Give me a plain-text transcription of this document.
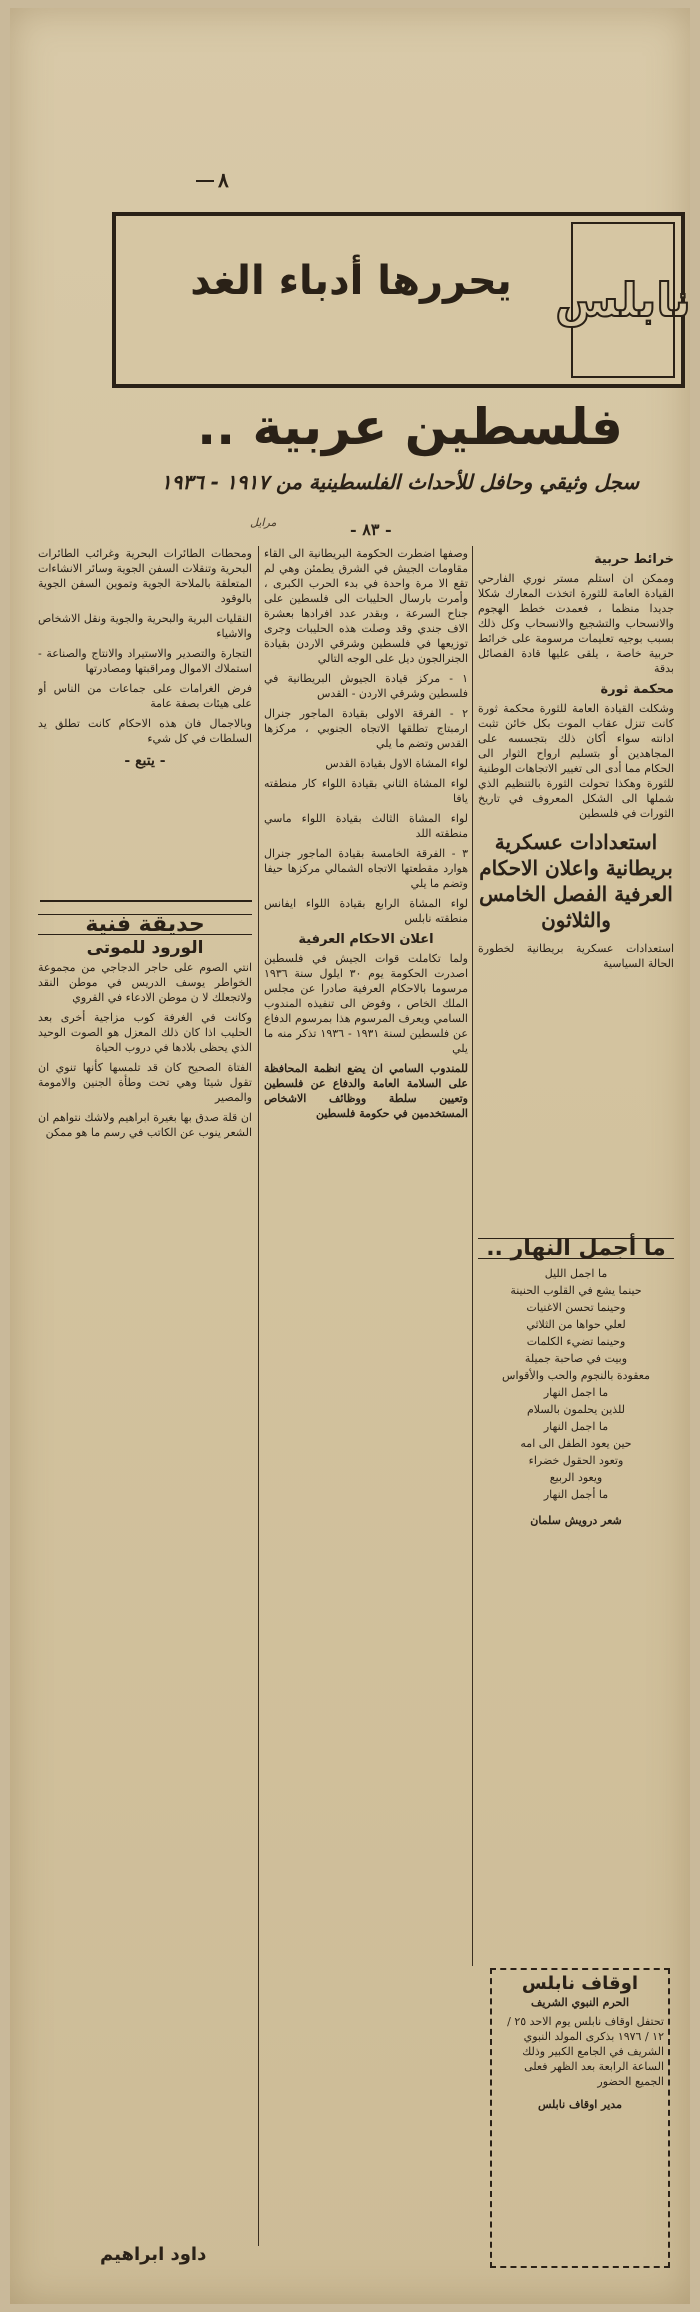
٨
نابلس
يحررها أدباء الغد
فلسطين عربية ..
سجل وثيقي وحافل للأحداث الفلسطينية من ١٩١٧ - ١٩٣٦
- ٨٣ -
مرايل
خرائط حربية

وممكن ان استلم مستر نوري الفارحي القيادة العامة للثورة اتخذت المعارك شكلا جديدا منظما ، فعمدت خطط الهجوم والانسحاب والتشجيع والانسحاب وكل ذلك بسبب بوجيه تعليمات مرسومة على خرائط حربية خاصة ، يلقى عليها قادة الفصائل بدقة

محكمة ثورة

وشكلت القيادة العامة للثورة محكمة ثورة كانت تنزل عقاب الموت بكل خائن تثبت ادانته سواء أكان ذلك بتجسسه على المجاهدين أو بتسليم ارواح الثوار الى الحكام مما أدى الى تغيير الاتجاهات الوطنية للثورة وهكذا تحولت الثورة بالتنظيم الذي شملها الى الشكل المعروف في تاريخ الثورات في فلسطين

استعدادات عسكرية بريطانية واعلان الاحكام العرفية الفصل الخامس والثلاثون

استعدادات عسكرية بريطانية لخطورة الحالة السياسية

ما أجمل النهار ..
ما اجمل الليل
حينما يشع في القلوب الحنينة
وحينما تحسن الاغنيات
لعلي حواها من الثلاثي
وحينما تضيء الكلمات
وبيت في صاحبة جميلة
معقودة بالنجوم والحب والأقواس
ما اجمل النهار
للذين يحلمون بالسلام
ما اجمل النهار
حين يعود الطفل الى امه
وتعود الحقول خضراء
ويعود الربيع
ما أجمل النهار

شعر درويش سلمان

وصفها اضطرت الحكومة البريطانية الى القاء مقاومات الجيش في الشرق يطمئن وهي لم تقع الا مرة واحدة في بدء الحرب الكبرى ، وأمرت بارسال الحليبات الى فلسطين على جناح السرعة ، وبقدر عدد افرادها بعشرة الاف جندي وقد وصلت هذه الحليبات وجرى توزيعها في فلسطين وشرقي الاردن بقيادة الجنرالجون ديل على الوجه التالي

١ - مركز قيادة الجيوش البريطانية في فلسطين وشرقي الاردن - القدس

٢ - الفرقة الاولى بقيادة الماجور جنرال ارمبتاج تطلقها الاتجاه الجنوبي ، مركزها القدس وتضم ما يلي

لواء المشاة الاول بقيادة القدس

لواء المشاة الثاني بقيادة اللواء كار منطقته يافا

لواء المشاة الثالث بقيادة اللواء ماسي منطقته اللد

٣ - الفرقة الخامسة بقيادة الماجور جنرال هوارد مقطعتها الاتجاه الشمالي مركزها حيفا وتضم ما يلي

لواء المشاة الرابع بقيادة اللواء ايفانس منطقته نابلس

اعلان الاحكام العرفية

ولما تكاملت قوات الجيش في فلسطين اصدرت الحكومة يوم ٣٠ ايلول سنة ١٩٣٦ مرسوما بالاحكام العرفية صادرا عن مجلس الملك الخاص ، وفوض الى تنفيذه المندوب السامي ويعرف المرسوم هذا بمرسوم الدفاع عن فلسطين لسنة ١٩٣١ - ١٩٣٦ تذكر منه ما يلي

للمندوب السامي ان يضع انظمة المحافظة على السلامة العامة والدفاع عن فلسطين وتعيين سلطة ووظائف الاشخاص المستخدمين في حكومة فلسطين

ومحطات الطائرات البحرية وغرائب الطائرات البحرية وتنقلات السفن الجوية وسائر الانشاءات المتعلقة بالملاحة الجوية وتموين السفن الجوية بالوقود

النقليات البرية والبحرية والجوية ونقل الاشخاص والاشياء

التجارة والتصدير والاستيراد والانتاج والصناعة - استملاك الاموال ومراقبتها ومصادرتها

فرض الغرامات على جماعات من الناس أو على هيئات بصفة عامة

وبالاجمال فان هذه الاحكام كانت تطلق يد السلطات في كل شيء

- يتبع -

حديقة فنية
الورود للموتى

انتي الصوم على حاجر الدجاجي من مجموعة الخواطر يوسف الدريس في موطن النقد ولاتجعلك لا ن موطن الادعاء في القروي

وكانت في الغرفة كوب مزاجية أخرى بعد الحليب اذا كان ذلك المعزل هو الصوت الوحيد الذي يحظى بلادها في دروب الحياة

الفتاة الصحيح كان قد تلمسها كأنها تنوي ان تقول شيئا وهي تحت وطأة الجنين والامومة والمصير

ان قلة صدق بها بغيرة ابراهيم ولاشك نتواهم ان الشعر ينوب عن الكاتب في رسم ما هو ممكن

داود ابراهيم
اوقاف نابلس
الحرم النبوي الشريف

تحتفل اوقاف نابلس يوم الاحد ٢٥ / ١٢ / ١٩٧٦ بذكرى المولد النبوي الشريف في الجامع الكبير وذلك الساعة الرابعة بعد الظهر فعلى الجميع الحضور

مدير اوقاف نابلس
